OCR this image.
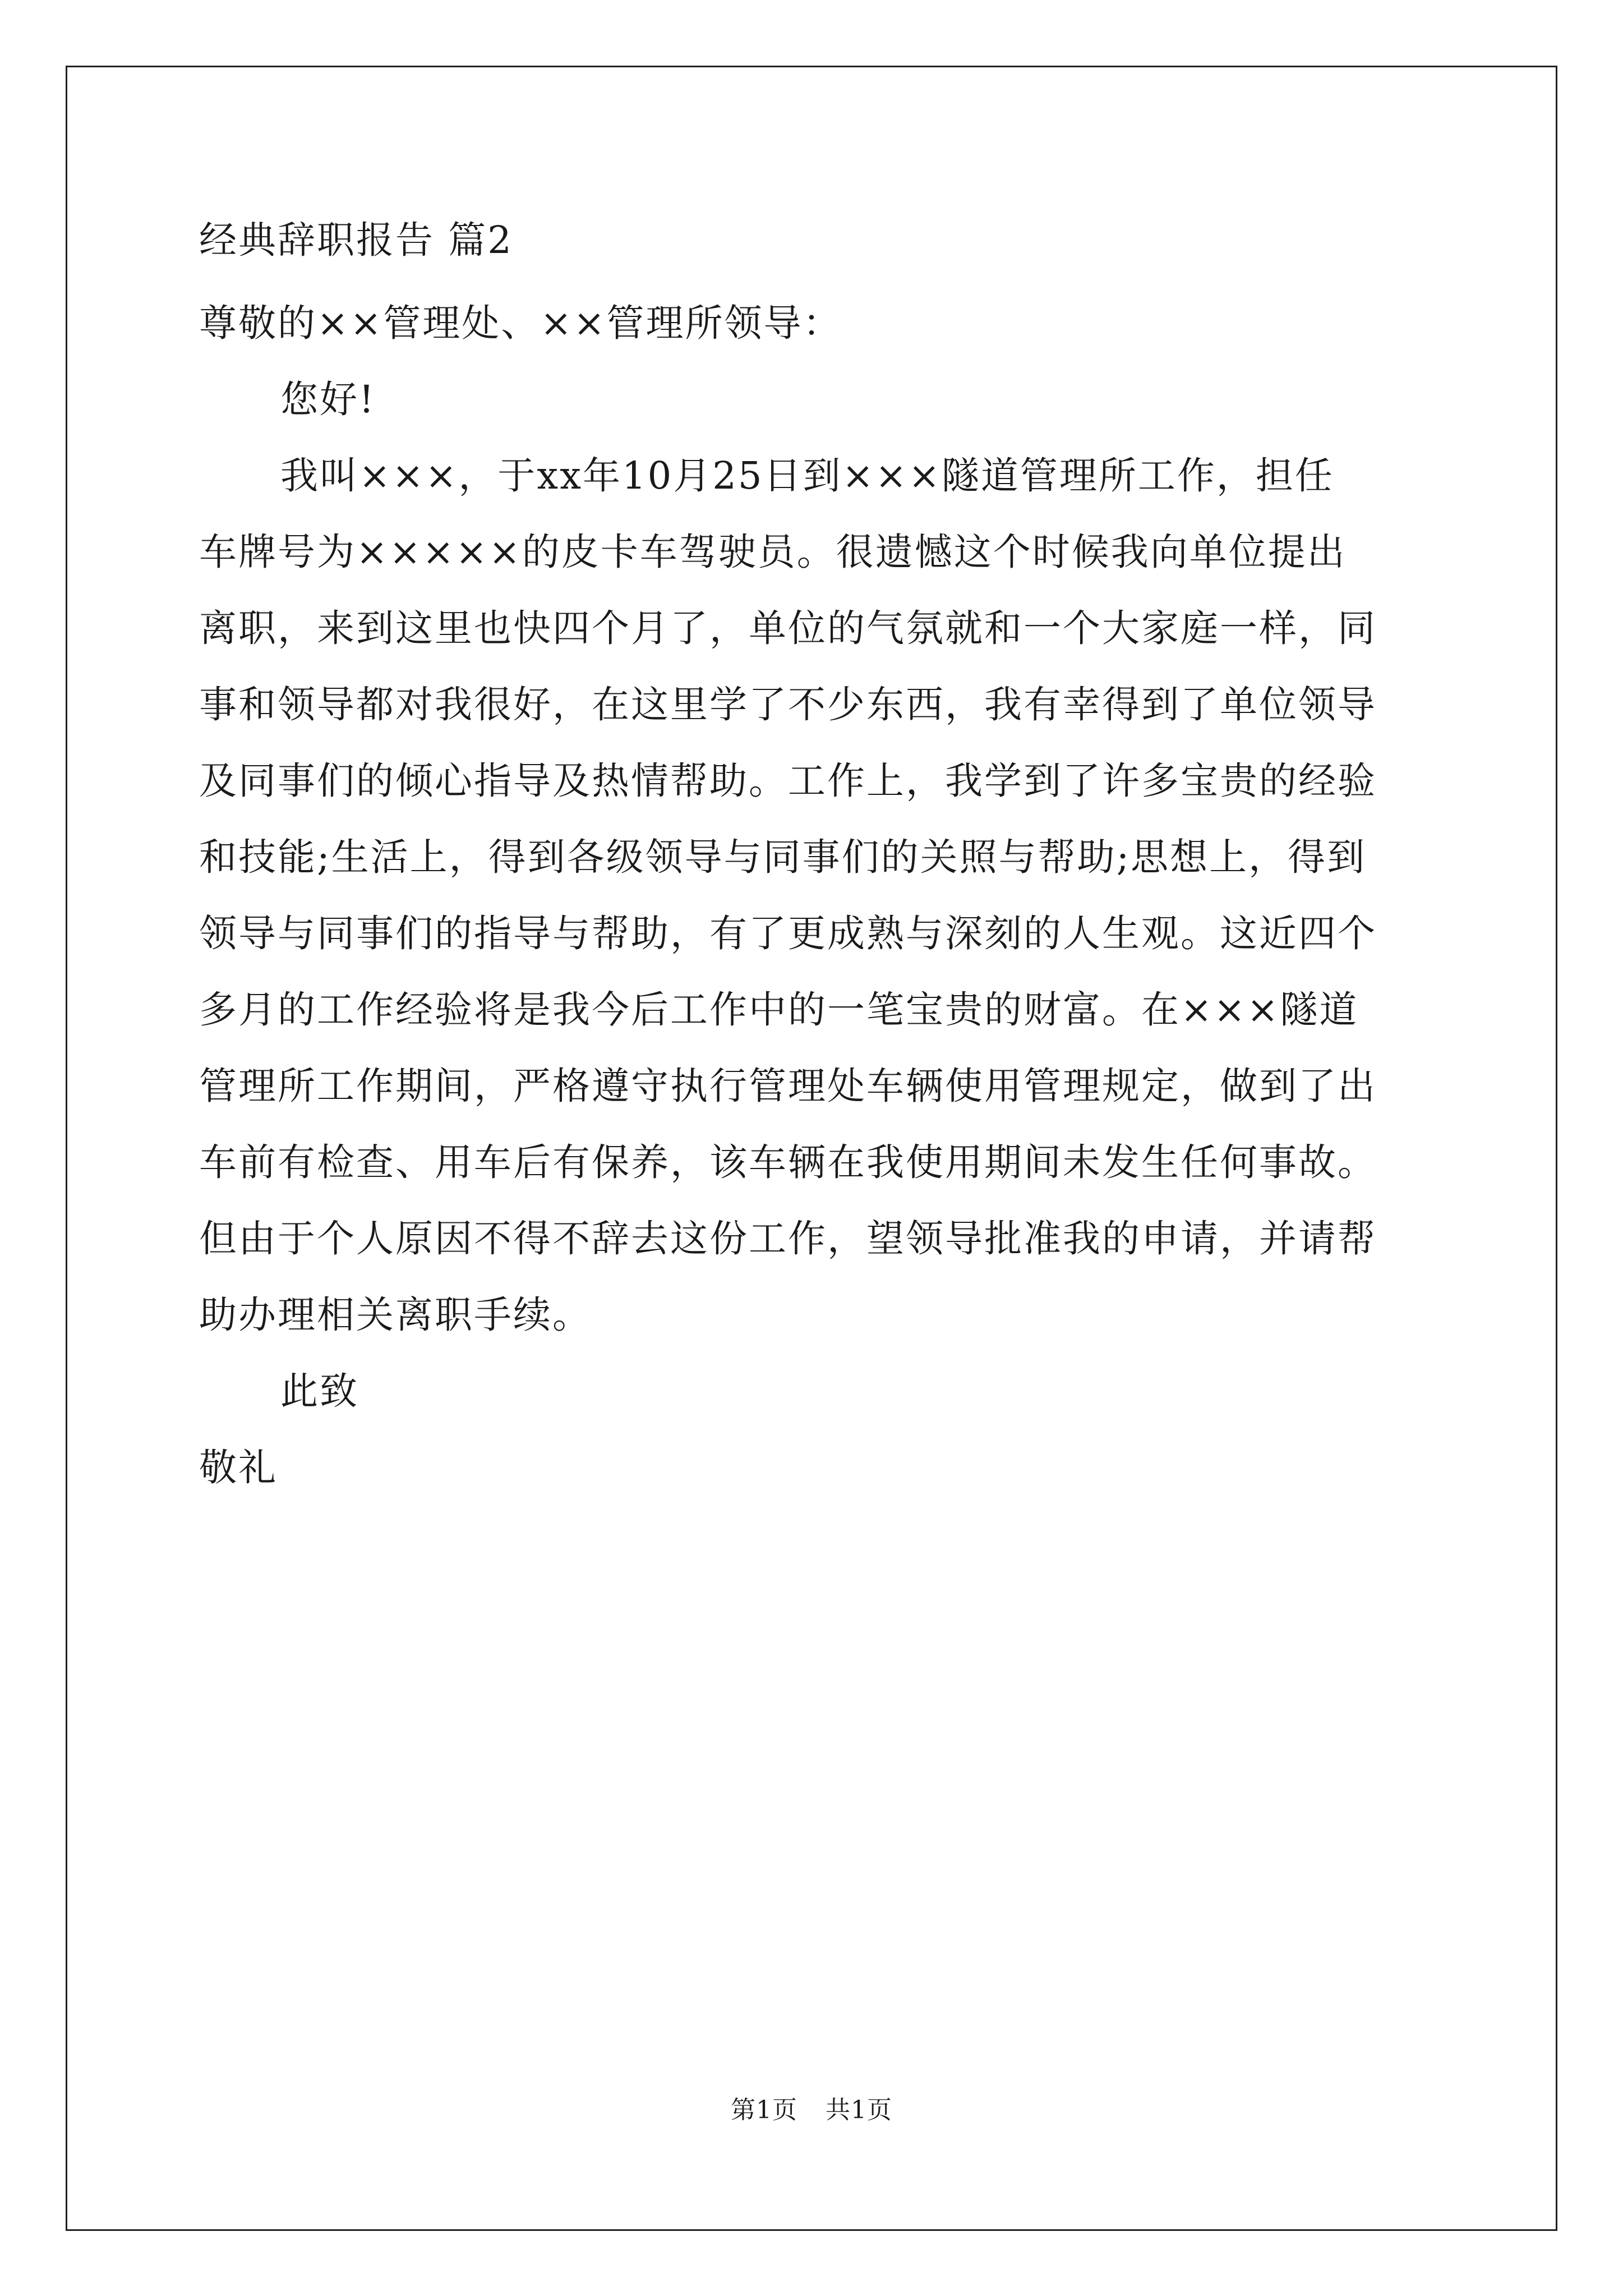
经典辞职报告 篇2
尊敬的××管理处、××管理所领导：
您好!
我叫×××，于xx年10月25日到×××隧道管理所工作，担任
车牌号为×××××的皮卡车驾驶员。很遗憾这个时候我向单位提出
离职，来到这里也快四个月了，单位的气氛就和一个大家庭一样，同
事和领导都对我很好，在这里学了不少东西，我有幸得到了单位领导
及同事们的倾心指导及热情帮助。工作上，我学到了许多宝贵的经验
和技能;生活上，得到各级领导与同事们的关照与帮助;思想上，得到
领导与同事们的指导与帮助，有了更成熟与深刻的人生观。这近四个
多月的工作经验将是我今后工作中的一笔宝贵的财富。在×××隧道
管理所工作期间，严格遵守执行管理处车辆使用管理规定，做到了出
车前有检查、用车后有保养，该车辆在我使用期间未发生任何事故。
但由于个人原因不得不辞去这份工作，望领导批准我的申请，并请帮
助办理相关离职手续。
此致
敬礼
第1页 共1页
